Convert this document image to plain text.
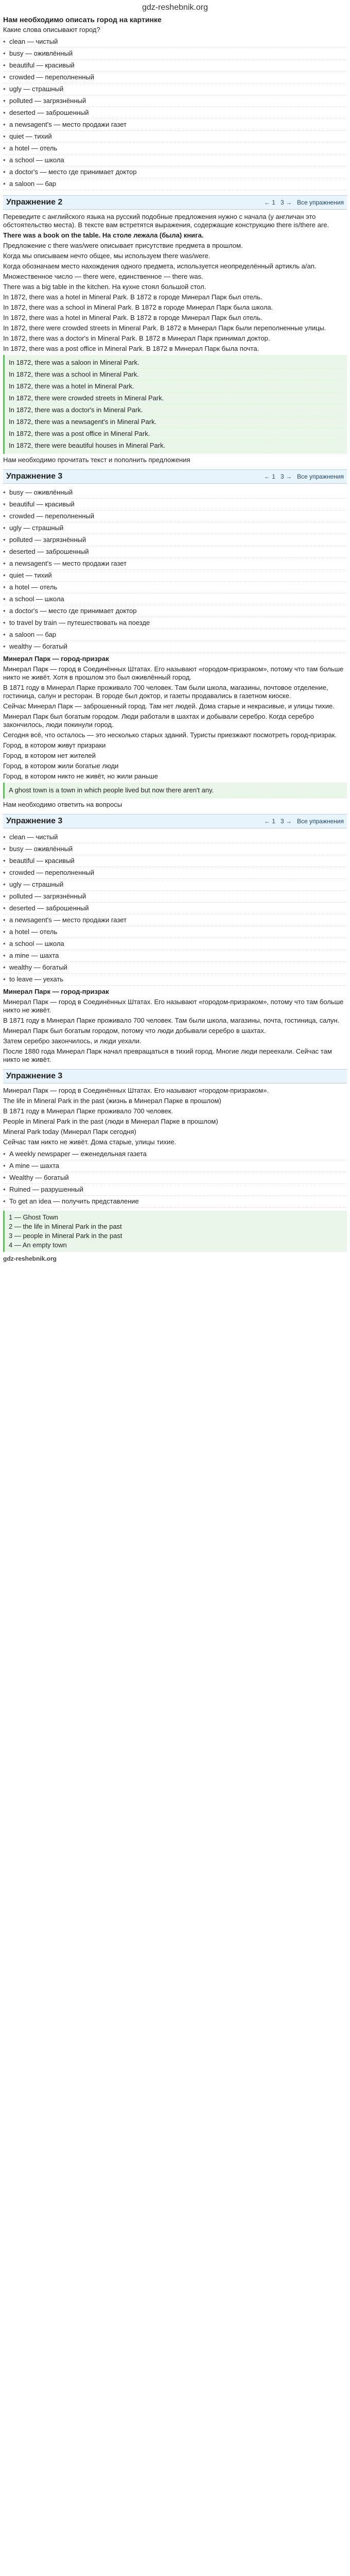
gdz-reshebnik.org

Нам необходимо описать город на картинке

Какие слова описывают город?

• clean — чистый
• busy — оживлённый
• beautiful — красивый
• crowded — переполненный
• ugly — страшный
• polluted — загрязнённый
• deserted — заброшенный
• a newsagent's — место продажи газет
• quiet — тихий
• a hotel — отель
• a school — школа
• a doctor's — место где принимает доктор
• a saloon — бар
Упражнение 2	← 1 3 → Все упражнения

Переведите с английского языка на русский подобные предложения нужно с начала (у англичан это обстоятельство места). В тексте вам встретятся выражения, содержащие конструкцию there is/there are.

There was a book on the table. На столе лежала (была) книга.

Предложение с there was/were описывает присутствие предмета в прошлом.

Когда мы описываем нечто общее, мы используем there was/were.

Когда обозначаем место нахождения одного предмета, используется неопределённый артикль a/an.

Множественное число — there were, единственное — there was.

There was a big table in the kitchen. На кухне стоял большой стол.

In 1872, there was a hotel in Mineral Park. В 1872 в городе Минерал Парк был отель.

In 1872, there was a school in Mineral Park. В 1872 в городе Минерал Парк была школа.

In 1872, there was a hotel in Mineral Park. В 1872 в городе Минерал Парк был отель.

In 1872, there were crowded streets in Mineral Park. В 1872 в Минерал Парк были переполненные улицы.

In 1872, there was a doctor's in Mineral Park. В 1872 в Минерал Парк принимал доктор.

In 1872, there was a post office in Mineral Park. В 1872 в Минерал Парк была почта.

In 1872, there was a saloon in Mineral Park.
In 1872, there was a school in Mineral Park.
In 1872, there was a hotel in Mineral Park.
In 1872, there were crowded streets in Mineral Park.
In 1872, there was a doctor's in Mineral Park.
In 1872, there was a newsagent's in Mineral Park.
In 1872, there was a post office in Mineral Park.
In 1872, there were beautiful houses in Mineral Park.

Нам необходимо прочитать текст и пополнить предложения

Упражнение 3	← 1 3 → Все упражнения
• busy — оживлённый
• beautiful — красивый
• crowded — переполненный
• ugly — страшный
• polluted — загрязнённый
• deserted — заброшенный
• a newsagent's — место продажи газет
• quiet — тихий
• a hotel — отель
• a school — школа
• a doctor's — место где принимает доктор
• to travel by train — путешествовать на поезде
• a saloon — бар
• wealthy — богатый

Минерал Парк — город-призрак

Минерал Парк — город в Соединённых Штатах. Его называют «городом-призраком», потому что там больше никто не живёт. Хотя в прошлом это был оживлённый город.

В 1871 году в Минерал Парке проживало 700 человек. Там были школа, магазины, почтовое отделение, гостиница, салун и ресторан. В городе был доктор, и газеты продавались в газетном киоске.

Сейчас Минерал Парк — заброшенный город. Там нет людей. Дома старые и некрасивые, и улицы тихие.

Минерал Парк был богатым городом. Люди работали в шахтах и добывали серебро. Когда серебро закончилось, люди покинули город.

Сегодня всё, что осталось — это несколько старых зданий. Туристы приезжают посмотреть город-призрак.

Город, в котором живут призраки

Город, в котором нет жителей

Город, в котором жили богатые люди

Город, в котором никто не живёт, но жили раньше

A ghost town is a town in which people lived but now there aren't any.

Нам необходимо ответить на вопросы

Упражнение 3	← 1 3 → Все упражнения
• clean — чистый
• busy — оживлённый
• beautiful — красивый
• crowded — переполненный
• ugly — страшный
• polluted — загрязнённый
• deserted — заброшенный
• a newsagent's — место продажи газет
• a hotel — отель
• a school — школа
• a mine — шахта
• wealthy — богатый
• to leave — уехать

Минерал Парк — город-призрак

Минерал Парк — город в Соединённых Штатах. Его называют «городом-призраком», потому что там больше никто не живёт.

В 1871 году в Минерал Парке проживало 700 человек. Там были школа, магазины, почта, гостиница, салун.

Минерал Парк был богатым городом, потому что люди добывали серебро в шахтах.

Затем серебро закончилось, и люди уехали.

После 1880 года Минерал Парк начал превращаться в тихий город. Многие люди переехали. Сейчас там никто не живёт.

Упражнение 3

Минерал Парк — город в Соединённых Штатах. Его называют «городом-призраком».

The life in Mineral Park in the past (жизнь в Минерал Парке в прошлом)

В 1871 году в Минерал Парке проживало 700 человек.

People in Mineral Park in the past (люди в Минерал Парке в прошлом)

Mineral Park today (Минерал Парк сегодня)

Сейчас там никто не живёт. Дома старые, улицы тихие.

• A weekly newspaper — еженедельная газета
• A mine — шахта
• Wealthy — богатый
• Ruined — разрушенный
• To get an idea — получить представление
1 — Ghost Town
2 — the life in Mineral Park in the past
3 — people in Mineral Park in the past
4 — An empty town
gdz-reshebnik.org
